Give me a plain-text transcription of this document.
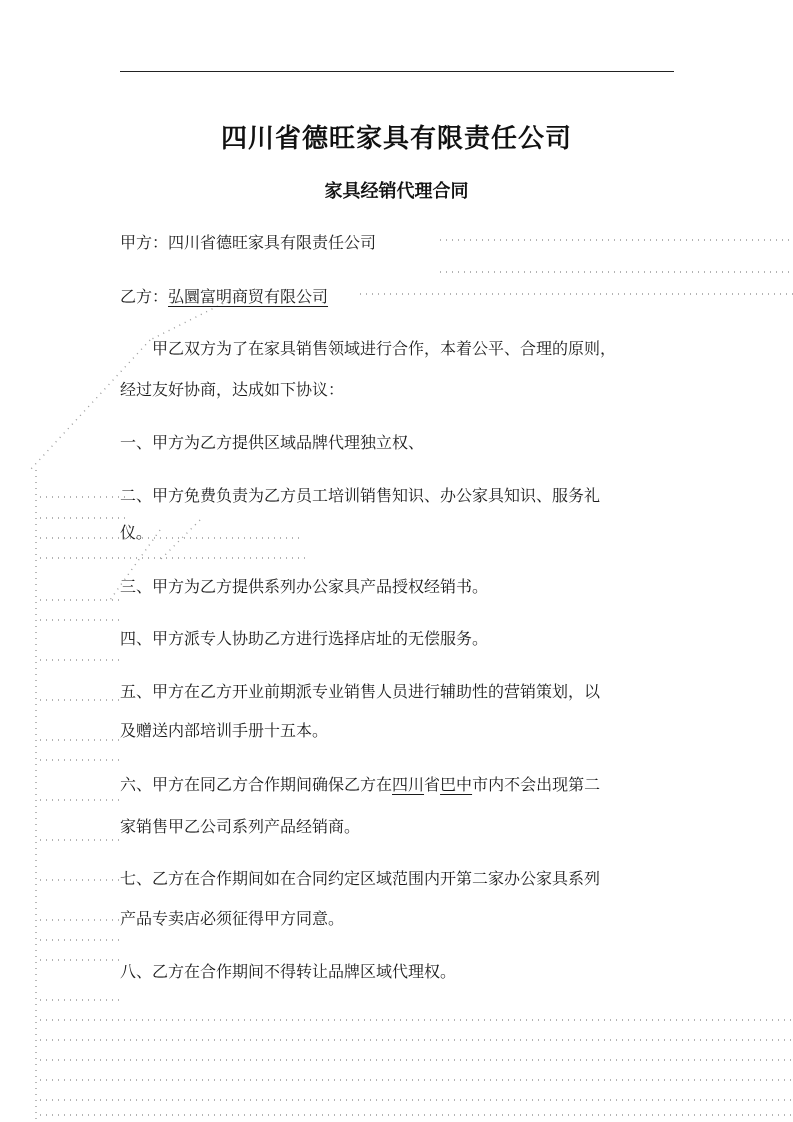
四川省德旺家具有限责任公司
家具经销代理合同
甲方：四川省德旺家具有限责任公司
乙方：弘圜富明商贸有限公司
甲乙双方为了在家具销售领域进行合作，本着公平、合理的原则，
经过友好协商，达成如下协议：
一、甲方为乙方提供区域品牌代理独立权、
二、甲方免费负责为乙方员工培训销售知识、办公家具知识、服务礼
仪。
三、甲方为乙方提供系列办公家具产品授权经销书。
四、甲方派专人协助乙方进行选择店址的无偿服务。
五、甲方在乙方开业前期派专业销售人员进行辅助性的营销策划，以
及赠送内部培训手册十五本。
六、甲方在同乙方合作期间确保乙方在四川省巴中市内不会出现第二
家销售甲乙公司系列产品经销商。
七、乙方在合作期间如在合同约定区域范围内开第二家办公家具系列
产品专卖店必须征得甲方同意。
八、乙方在合作期间不得转让品牌区域代理权。
